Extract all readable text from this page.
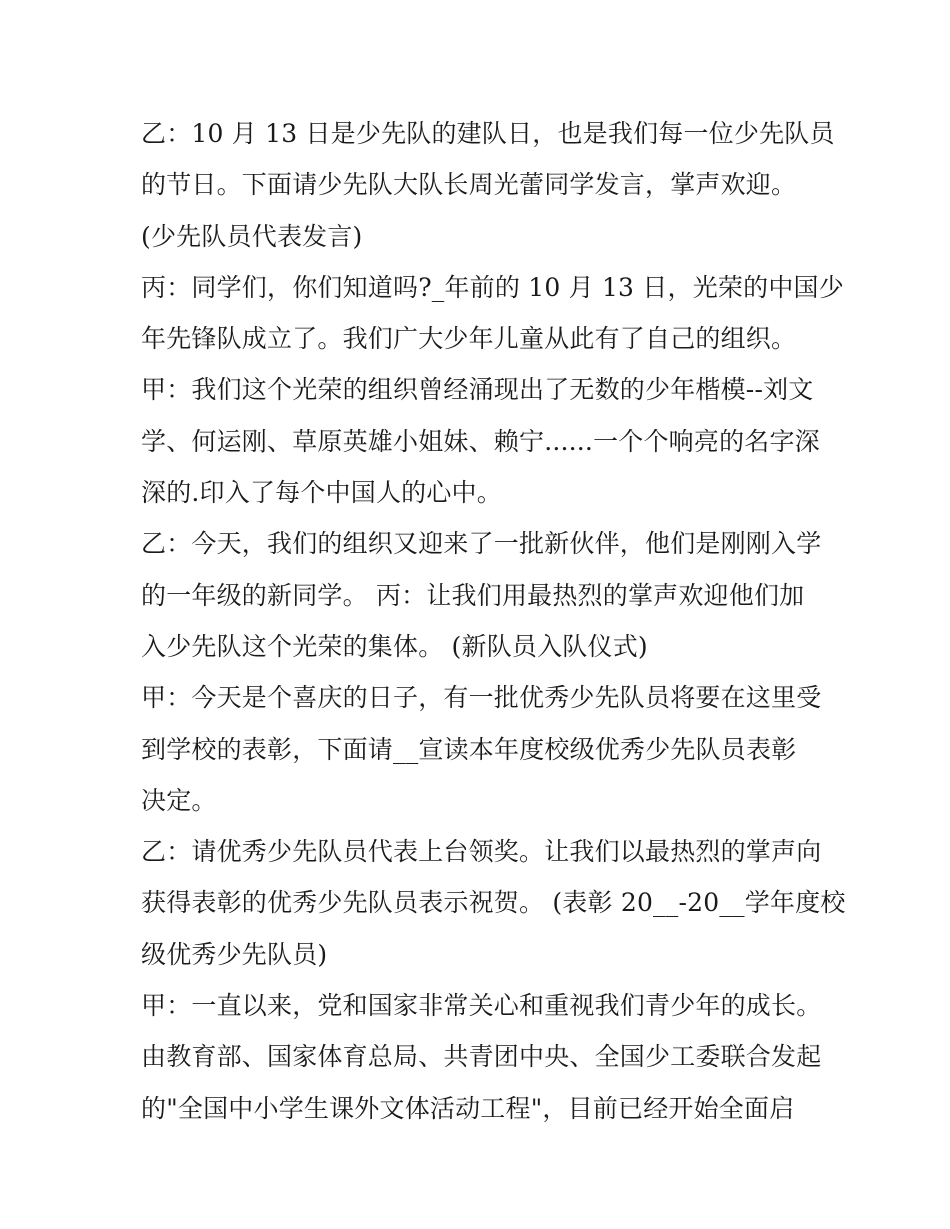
乙：10 月 13 日是少先队的建队日，也是我们每一位少先队员
的节日。下面请少先队大队长周光蕾同学发言，掌声欢迎。
(少先队员代表发言)
丙：同学们，你们知道吗?_年前的 10 月 13 日，光荣的中国少
年先锋队成立了。我们广大少年儿童从此有了自己的组织。
甲：我们这个光荣的组织曾经涌现出了无数的少年楷模--刘文
学、何运刚、草原英雄小姐妹、赖宁......一个个响亮的名字深
深的.印入了每个中国人的心中。
乙：今天，我们的组织又迎来了一批新伙伴，他们是刚刚入学
的一年级的新同学。 丙：让我们用最热烈的掌声欢迎他们加
入少先队这个光荣的集体。 (新队员入队仪式)
甲：今天是个喜庆的日子，有一批优秀少先队员将要在这里受
到学校的表彰，下面请__宣读本年度校级优秀少先队员表彰
决定。
乙：请优秀少先队员代表上台领奖。让我们以最热烈的掌声向
获得表彰的优秀少先队员表示祝贺。 (表彰 20__-20__学年度校
级优秀少先队员)
甲：一直以来，党和国家非常关心和重视我们青少年的成长。
由教育部、国家体育总局、共青团中央、全国少工委联合发起
的"全国中小学生课外文体活动工程"，目前已经开始全面启
